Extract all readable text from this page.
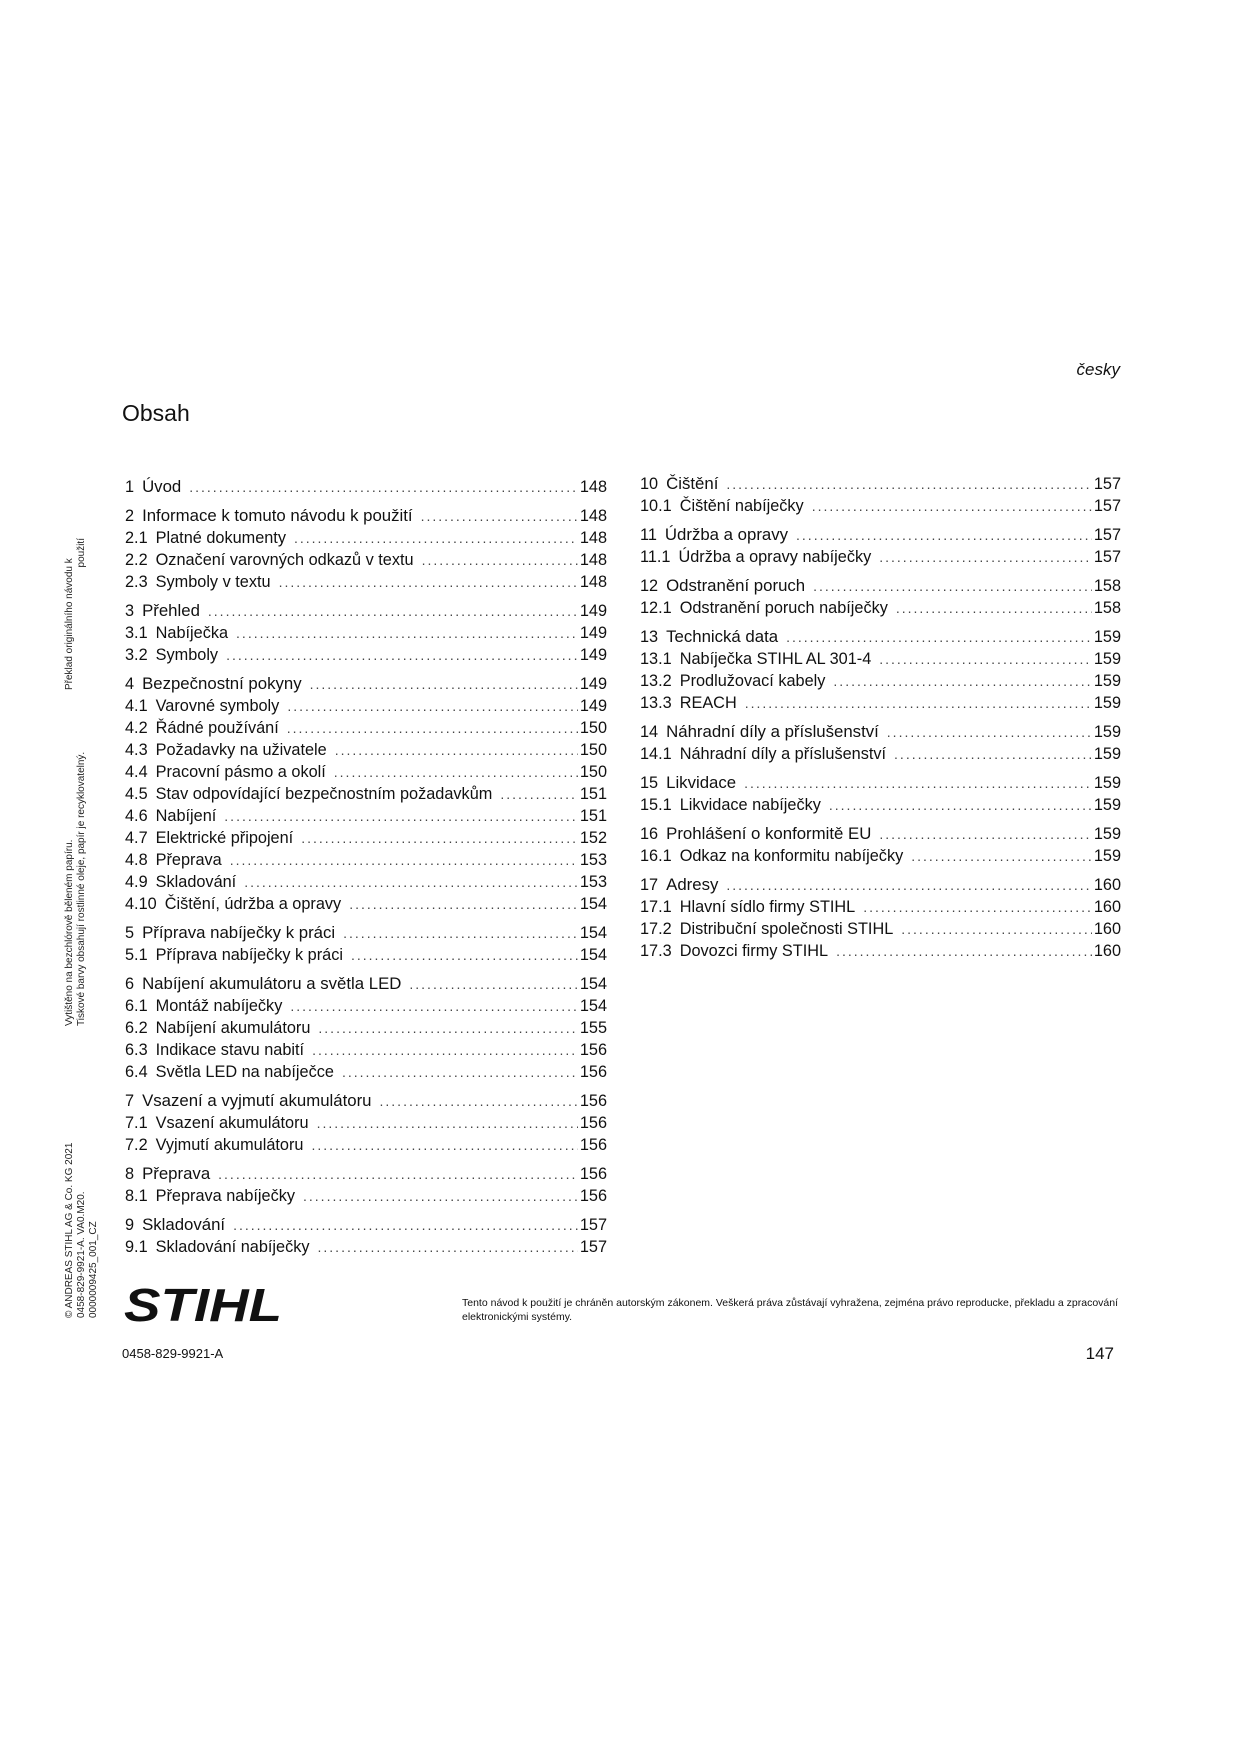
česky
Obsah
© ANDREAS STIHL AG & Co. KG 2021 0458-829-9921-A. VA0.M20. 0000009425_001_CZ
Vytištěno na bezchlórově běleném papíru. Tiskové barvy obsahují rostlinné oleje, papír je recyklovatelný.
Překlad originálního návodu k
použití
1 Úvod .....	148
2 Informace k tomuto návodu k použití .....	148
2.1 Platné dokumenty .....	148
2.2 Označení varovných odkazů v textu .....	148
2.3 Symboly v textu .....	148
3 Přehled .....	149
3.1 Nabíječka .....	149
3.2 Symboly .....	149
4 Bezpečnostní pokyny .....	149
4.1 Varovné symboly .....	149
4.2 Řádné používání .....	150
4.3 Požadavky na uživatele .....	150
4.4 Pracovní pásmo a okolí .....	150
4.5 Stav odpovídající bezpečnostním požadavkům .....	151
4.6 Nabíjení .....	151
4.7 Elektrické připojení .....	152
4.8 Přeprava .....	153
4.9 Skladování .....	153
4.10 Čištění, údržba a opravy .....	154
5 Příprava nabíječky k práci .....	154
5.1 Příprava nabíječky k práci .....	154
6 Nabíjení akumulátoru a světla LED .....	154
6.1 Montáž nabíječky .....	154
6.2 Nabíjení akumulátoru .....	155
6.3 Indikace stavu nabití .....	156
6.4 Světla LED na nabíječce .....	156
7 Vsazení a vyjmutí akumulátoru .....	156
7.1 Vsazení akumulátoru .....	156
7.2 Vyjmutí akumulátoru .....	156
8 Přeprava .....	156
8.1 Přeprava nabíječky .....	156
9 Skladování .....	157
9.1 Skladování nabíječky .....	157
10 Čištění .....	157
10.1 Čištění nabíječky .....	157
11 Údržba a opravy .....	157
11.1 Údržba a opravy nabíječky .....	157
12 Odstranění poruch .....	158
12.1 Odstranění poruch nabíječky .....	158
13 Technická data .....	159
13.1 Nabíječka STIHL AL 301-4 .....	159
13.2 Prodlužovací kabely .....	159
13.3 REACH .....	159
14 Náhradní díly a příslušenství .....	159
14.1 Náhradní díly a příslušenství .....	159
15 Likvidace .....	159
15.1 Likvidace nabíječky .....	159
16 Prohlášení o konformitě EU .....	159
16.1 Odkaz na konformitu nabíječky .....	159
17 Adresy .....	160
17.1 Hlavní sídlo firmy STIHL .....	160
17.2 Distribuční společnosti STIHL .....	160
17.3 Dovozci firmy STIHL .....	160
STIHL	Tento návod k použití je chráněn autorským zákonem. Veškerá práva zůstávají vyhražena, zejména právo reproducke, překladu a zpracování elektronickými systémy.
0458-829-9921-A	147
